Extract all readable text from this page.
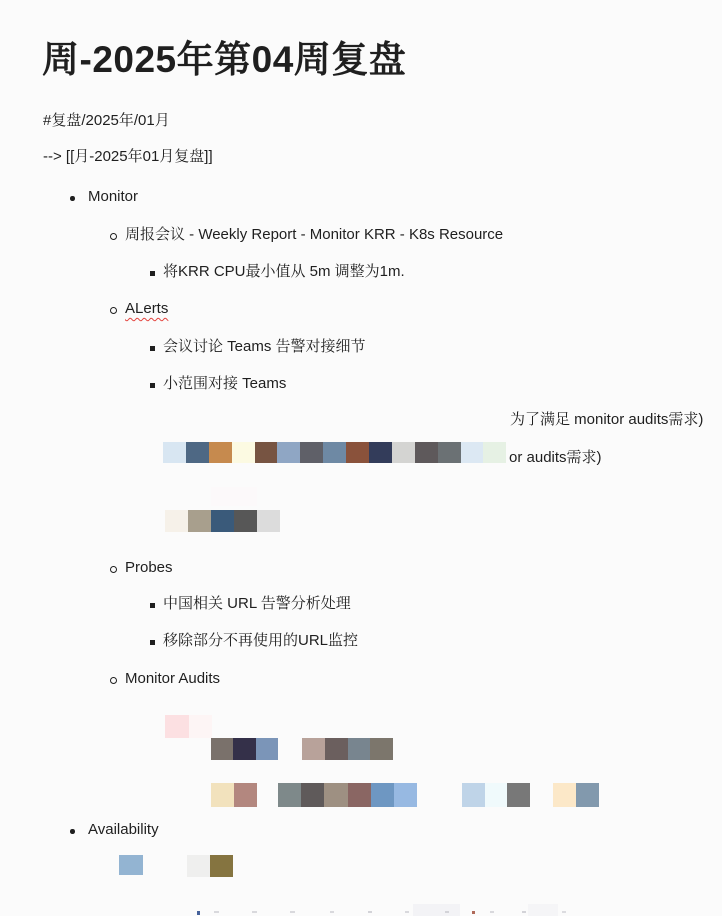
周-2025年第04周复盘

#复盘/2025年/01月

--> [[月-2025年01月复盘]]

Monitor
周报会议 - Weekly Report - Monitor KRR - K8s Resource
将KRR CPU最小值从 5m 调整为1m.
ALerts
会议讨论 Teams 告警对接细节
小范围对接 Teams
为了满足 monitor audits需求)
or audits需求)
Probes
中国相关 URL 告警分析处理
移除部分不再使用的URL监控
Monitor Audits
Availability
